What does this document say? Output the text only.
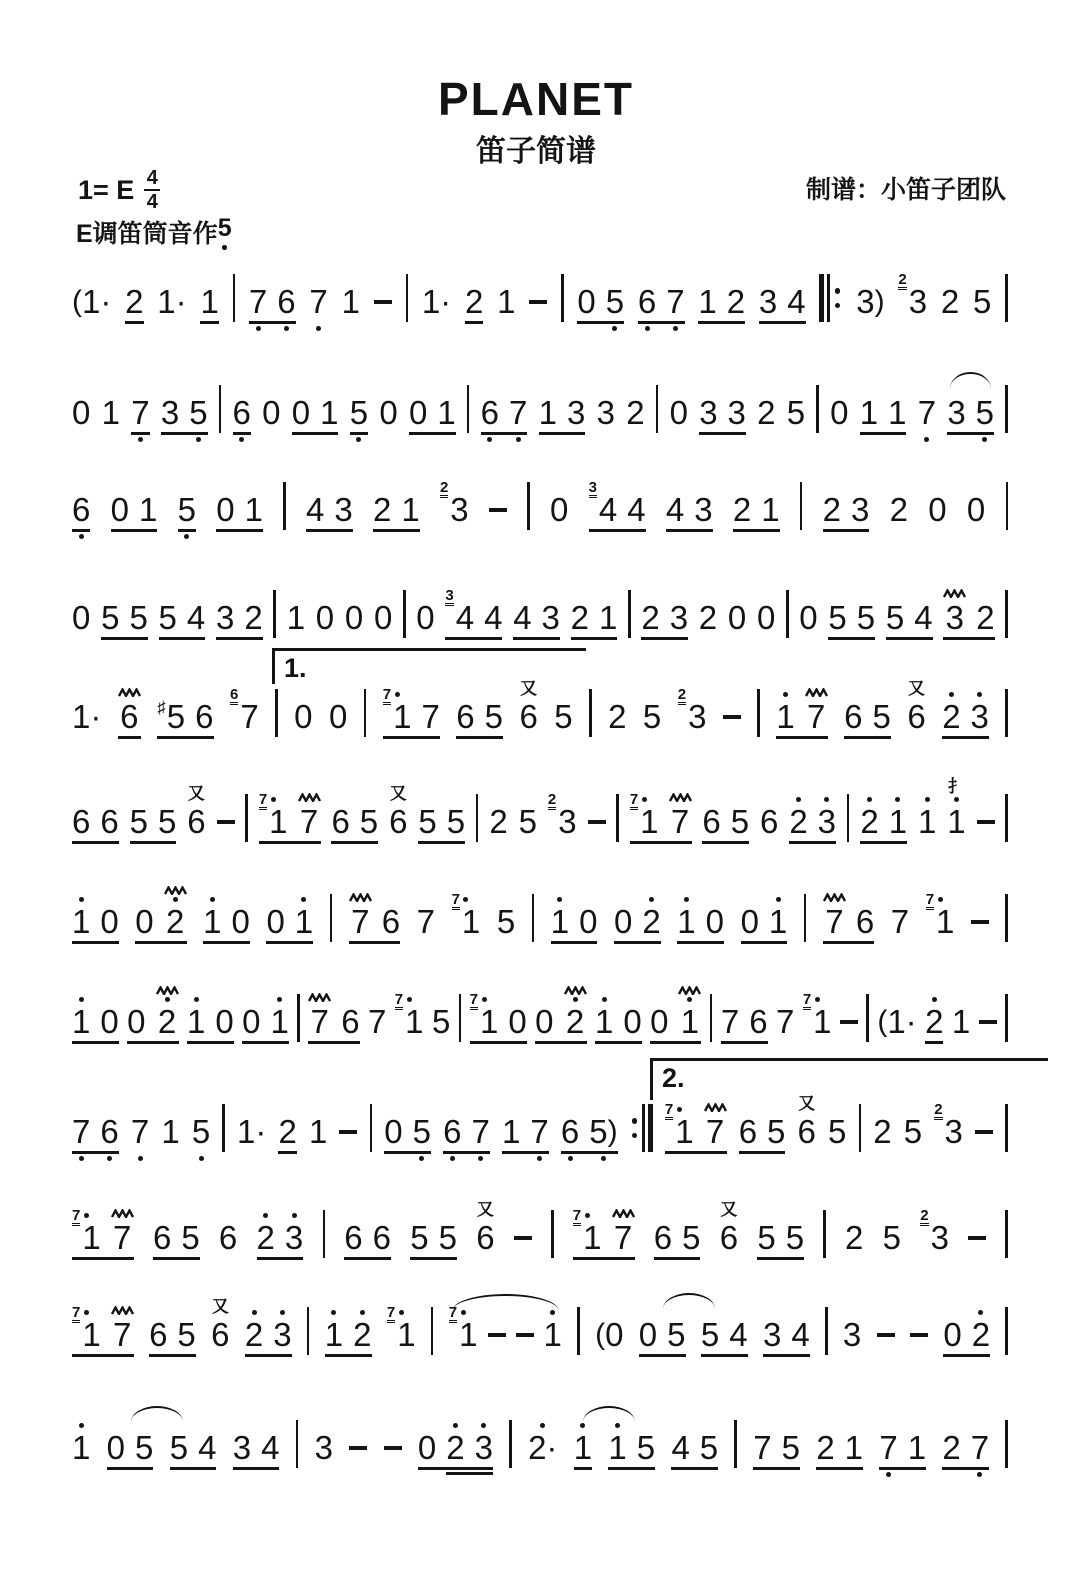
PLANET
笛子简谱
1= E $\frac{4}{4}$	制谱：小笛子团队
E调笛筒音作 5
1.
2.
( 1· 2 1· 1 7 6 7 1 1· 2 1 0 5 6 7 1 2 3 4 3 )
2
3 2 5
0 1 7 3 5 6 0 0 1 5 0 0 1 6 7 1 3 3 2 0 3 3 2 5 0 1 1 7 3 5
6 0 1 5 0 1 4 3 2 1
2
3 0
3
4 4 4 3 2 1 2 3 2 0 0
0 5 5 5 4 3 2 1 0 0 0 0
3
4 4 4 3 2 1 2 3 2 0 0 0 5 5 5 4 3 2
1· 6 ♯ 5 6
6
7 0 0
7
1 7 6 5
又
6 5 2 5
2
3 1 7 6 5
又
6 2 3
6 6 5 5
又
6
7
1 7 6 5
又
6 5 5 2 5
2
3
7
1 7 6 5 6 2 3 2 1 1
扌
1
1 0 0 2 1 0 0 1 7 6 7
7
1 5 1 0 0 2 1 0 0 1 7 6 7
7
1
1 0 0 2 1 0 0 1 7 6 7
7
1 5
7
1 0 0 2 1 0 0 1 7 6 7
7
1 ( 1· 2 1
7 6 7 1 5 1· 2 1 0 5 6 7 1 7 6 5 )
7
1 7 6 5
又
6 5 2 5
2
3
7
1 7 6 5 6 2 3 6 6 5 5
又
6
7
1 7 6 5
又
6 5 5 2 5
2
3
7
1 7 6 5
又
6 2 3 1 2
7
1
7
1 1 ( 0 0 5 5 4 3 4 3 0 2
1 0 5 5 4 3 4 3	0 2 3 2· 1 1 5 4 5 7 5 2 1 7 1 2 7
